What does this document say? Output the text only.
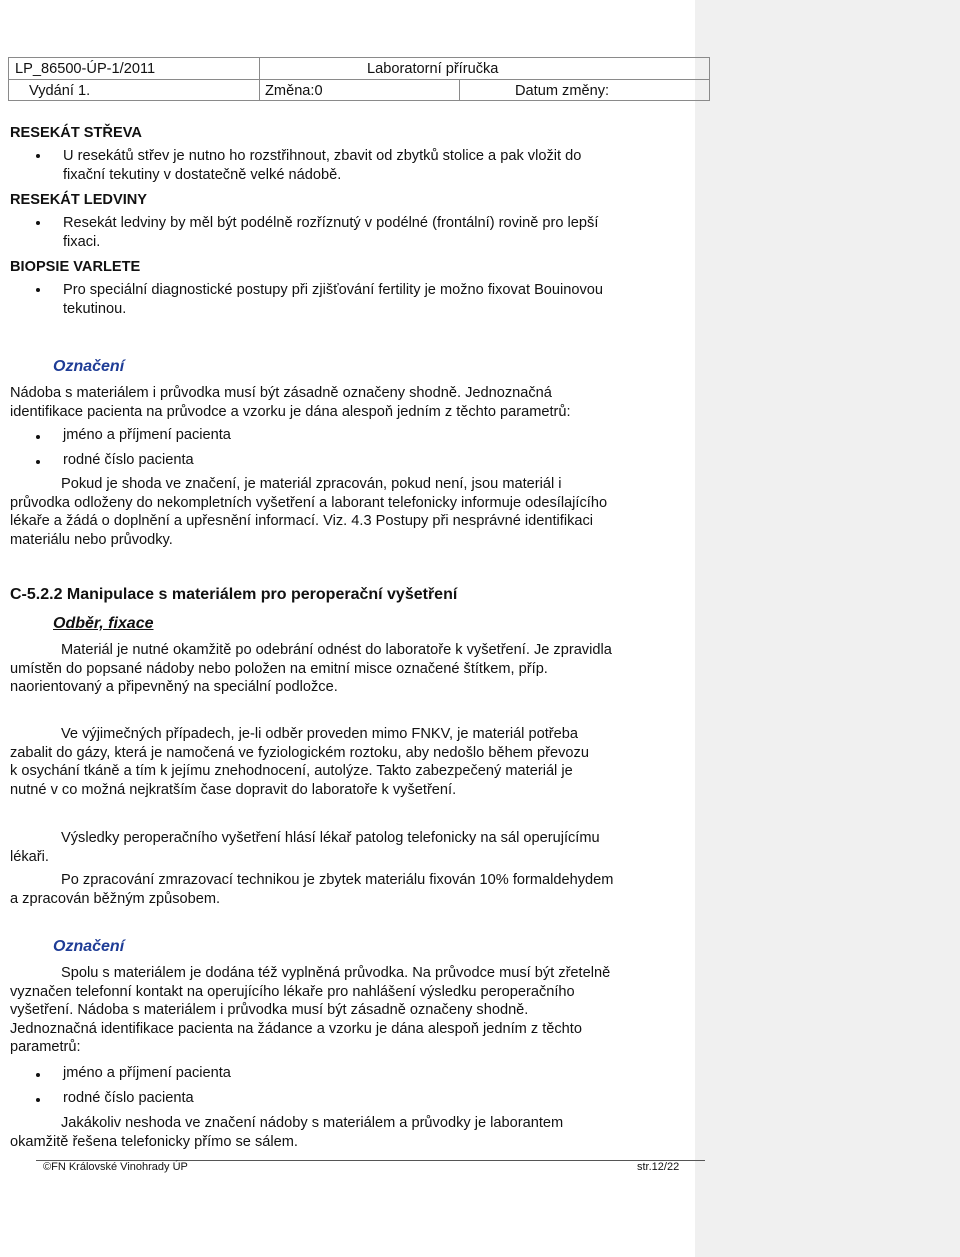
LP_86500-ÚP-1/2011	Laboratorní příručka
Vydání 1.	Změna:0	Datum změny:
RESEKÁT STŘEVA
U resekátů střev je nutno ho rozstřihnout, zbavit od zbytků stolice a pak vložit do
fixační tekutiny v dostatečně velké nádobě.
RESEKÁT LEDVINY
Resekát ledviny by měl být podélně rozříznutý v podélné (frontální) rovině pro lepší
fixaci.
BIOPSIE VARLETE
Pro speciální diagnostické postupy při zjišťování fertility je možno fixovat Bouinovou
tekutinou.
Označení
Nádoba s materiálem i průvodka musí být zásadně označeny shodně. Jednoznačná
identifikace pacienta na průvodce a vzorku je dána alespoň jedním z těchto parametrů:
jméno a příjmení pacienta
rodné číslo pacienta
Pokud je shoda ve značení, je materiál zpracován, pokud není, jsou materiál i
průvodka odloženy do nekompletních vyšetření a laborant telefonicky informuje odesílajícího
lékaře a žádá o doplnění a upřesnění informací. Viz. 4.3 Postupy při nesprávné identifikaci
materiálu nebo průvodky.
C-5.2.2 Manipulace s materiálem pro peroperační vyšetření
Odběr, fixace
Materiál je nutné okamžitě po odebrání odnést do laboratoře k vyšetření. Je zpravidla
umístěn do popsané nádoby nebo položen na emitní misce označené štítkem, příp.
naorientovaný a připevněný na speciální podložce.
Ve výjimečných případech, je-li odběr proveden mimo FNKV, je materiál potřeba
zabalit do gázy, která je namočená ve fyziologickém roztoku, aby nedošlo během převozu
k osychání tkáně a tím k jejímu znehodnocení, autolýze. Takto zabezpečený materiál je
nutné v co možná nejkratším čase dopravit do laboratoře k vyšetření.
Výsledky peroperačního vyšetření hlásí lékař patolog telefonicky na sál operujícímu
lékaři.
Po zpracování zmrazovací technikou je zbytek materiálu fixován 10% formaldehydem
a zpracován běžným způsobem.
Označení
Spolu s materiálem je dodána též vyplněná průvodka. Na průvodce musí být zřetelně
vyznačen telefonní kontakt na operujícího lékaře pro nahlášení výsledku peroperačního
vyšetření. Nádoba s materiálem i průvodka musí být zásadně označeny shodně.
Jednoznačná identifikace pacienta na žádance a vzorku je dána alespoň jedním z těchto
parametrů:
jméno a příjmení pacienta
rodné číslo pacienta
Jakákoliv neshoda ve značení nádoby s materiálem a průvodky je laborantem
okamžitě řešena telefonicky přímo se sálem.
©FN Královské Vinohrady ÚP	str.12/22
